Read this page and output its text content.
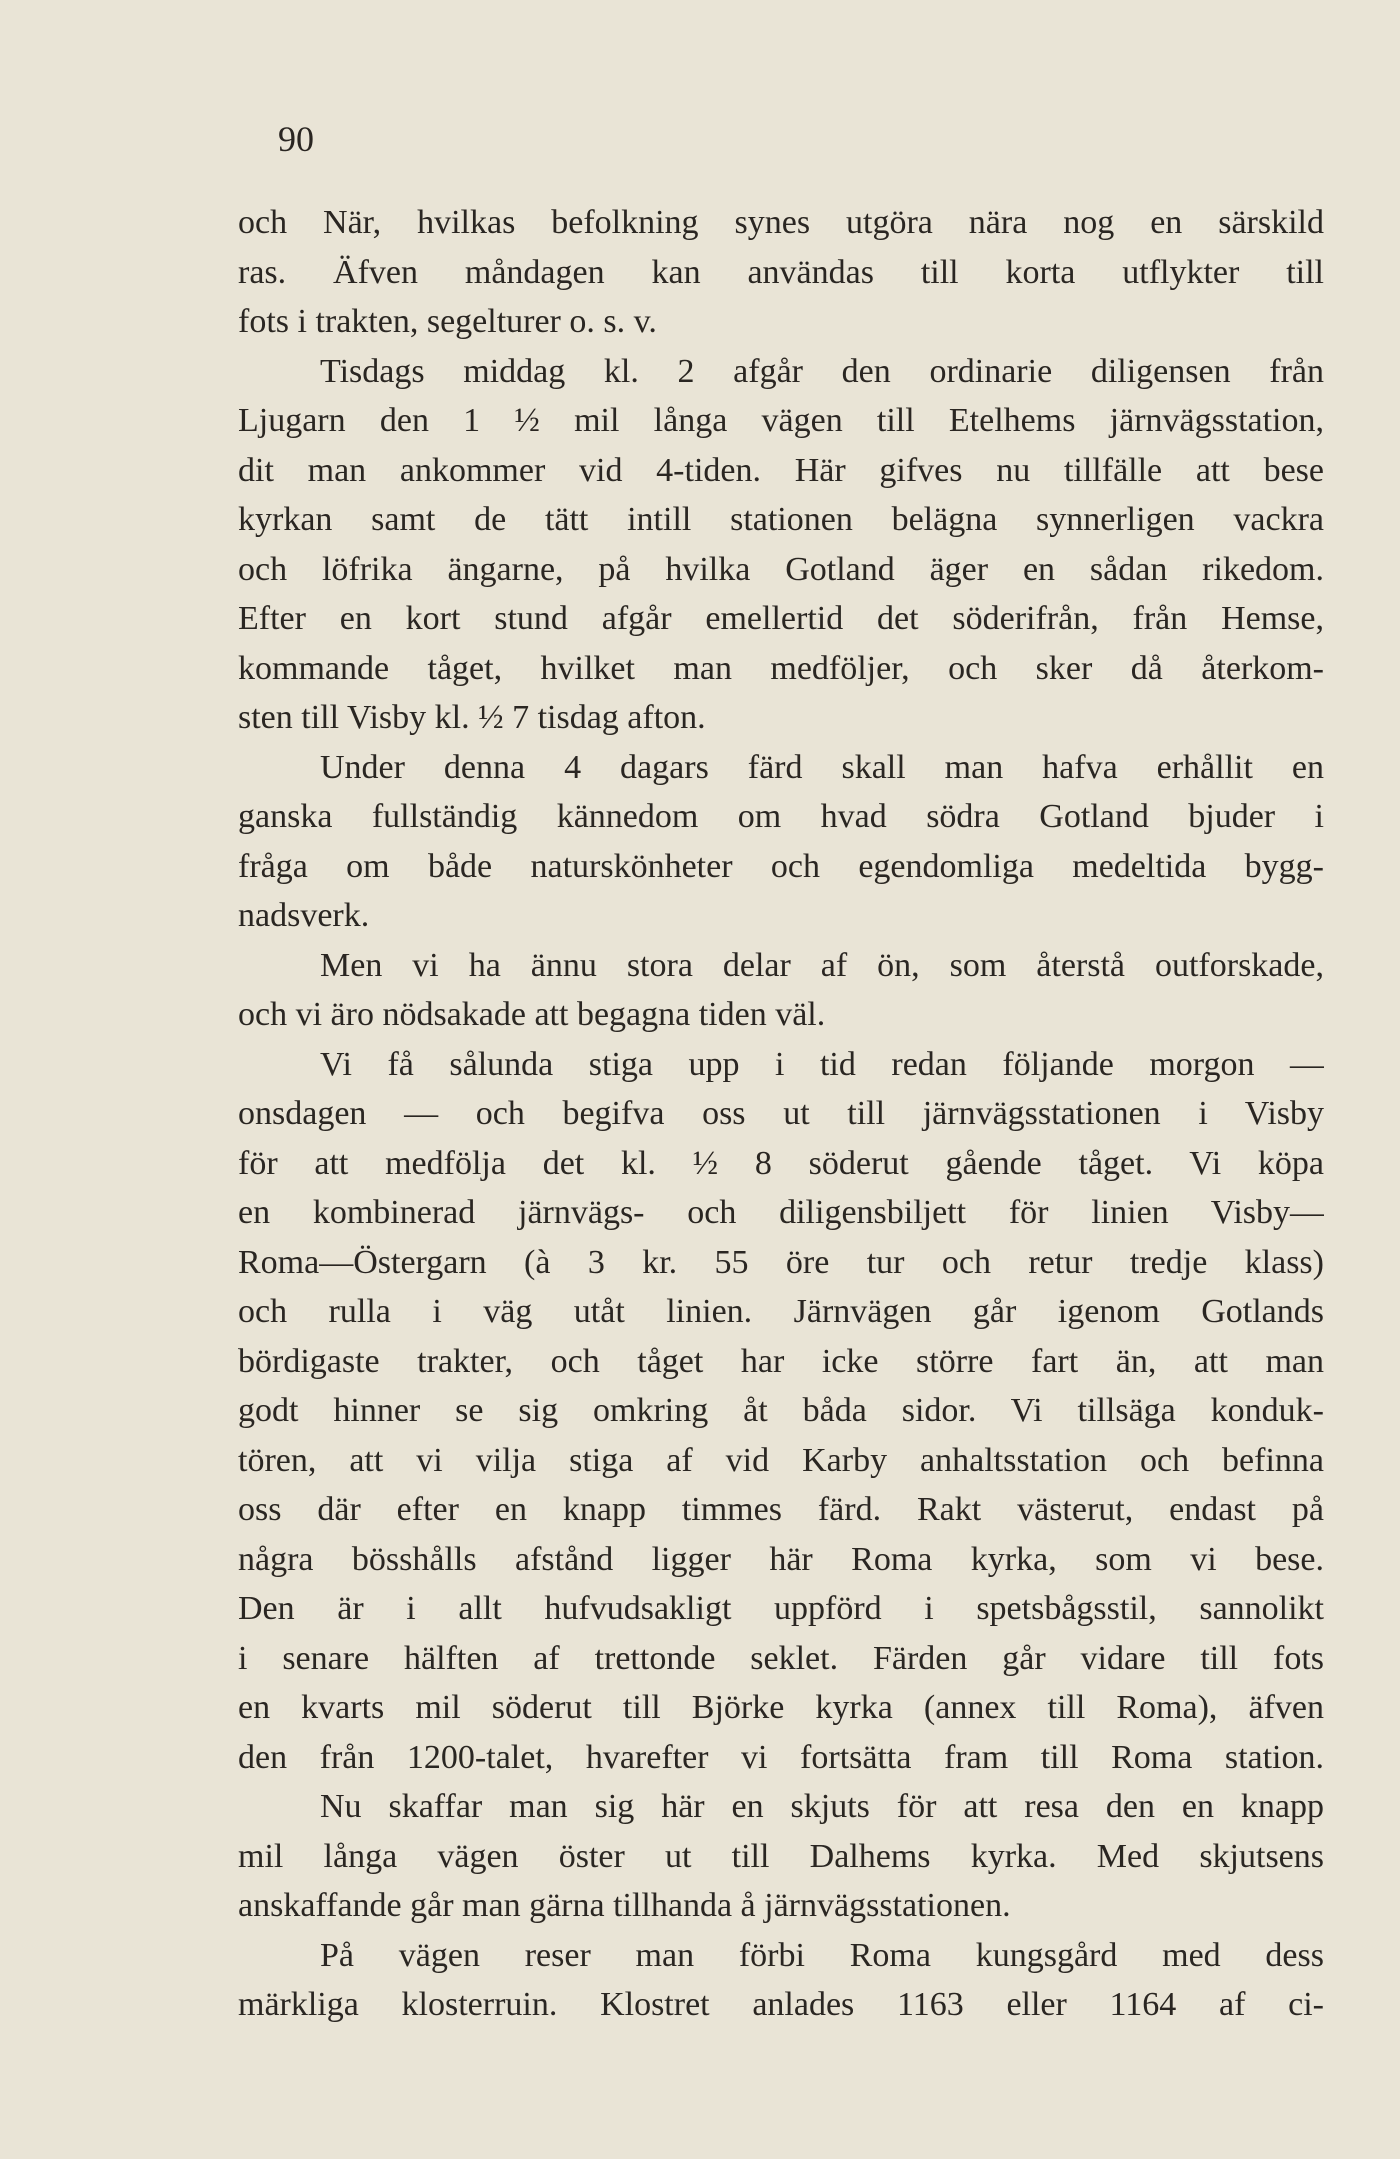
90
och När, hvilkas befolkning synes utgöra nära nog en särskild
ras. Äfven måndagen kan användas till korta utflykter till
fots i trakten, segelturer o. s. v.
Tisdags middag kl. 2 afgår den ordinarie diligensen från
Ljugarn den 1 ½ mil långa vägen till Etelhems järnvägsstation,
dit man ankommer vid 4-tiden. Här gifves nu tillfälle att bese
kyrkan samt de tätt intill stationen belägna synnerligen vackra
och löfrika ängarne, på hvilka Gotland äger en sådan rikedom.
Efter en kort stund afgår emellertid det söderifrån, från Hemse,
kommande tåget, hvilket man medföljer, och sker då återkom-
sten till Visby kl. ½ 7 tisdag afton.
Under denna 4 dagars färd skall man hafva erhållit en
ganska fullständig kännedom om hvad södra Gotland bjuder i
fråga om både naturskönheter och egendomliga medeltida bygg-
nadsverk.
Men vi ha ännu stora delar af ön, som återstå outforskade,
och vi äro nödsakade att begagna tiden väl.
Vi få sålunda stiga upp i tid redan följande morgon —
onsdagen — och begifva oss ut till järnvägsstationen i Visby
för att medfölja det kl. ½ 8 söderut gående tåget. Vi köpa
en kombinerad järnvägs- och diligensbiljett för linien Visby—
Roma—Östergarn (à 3 kr. 55 öre tur och retur tredje klass)
och rulla i väg utåt linien. Järnvägen går igenom Gotlands
bördigaste trakter, och tåget har icke större fart än, att man
godt hinner se sig omkring åt båda sidor. Vi tillsäga konduk-
tören, att vi vilja stiga af vid Karby anhaltsstation och befinna
oss där efter en knapp timmes färd. Rakt västerut, endast på
några bösshålls afstånd ligger här Roma kyrka, som vi bese.
Den är i allt hufvudsakligt uppförd i spetsbågsstil, sannolikt
i senare hälften af trettonde seklet. Färden går vidare till fots
en kvarts mil söderut till Björke kyrka (annex till Roma), äfven
den från 1200-talet, hvarefter vi fortsätta fram till Roma station.
Nu skaffar man sig här en skjuts för att resa den en knapp
mil långa vägen öster ut till Dalhems kyrka. Med skjutsens
anskaffande går man gärna tillhanda å järnvägsstationen.
På vägen reser man förbi Roma kungsgård med dess
märkliga klosterruin. Klostret anlades 1163 eller 1164 af ci-
